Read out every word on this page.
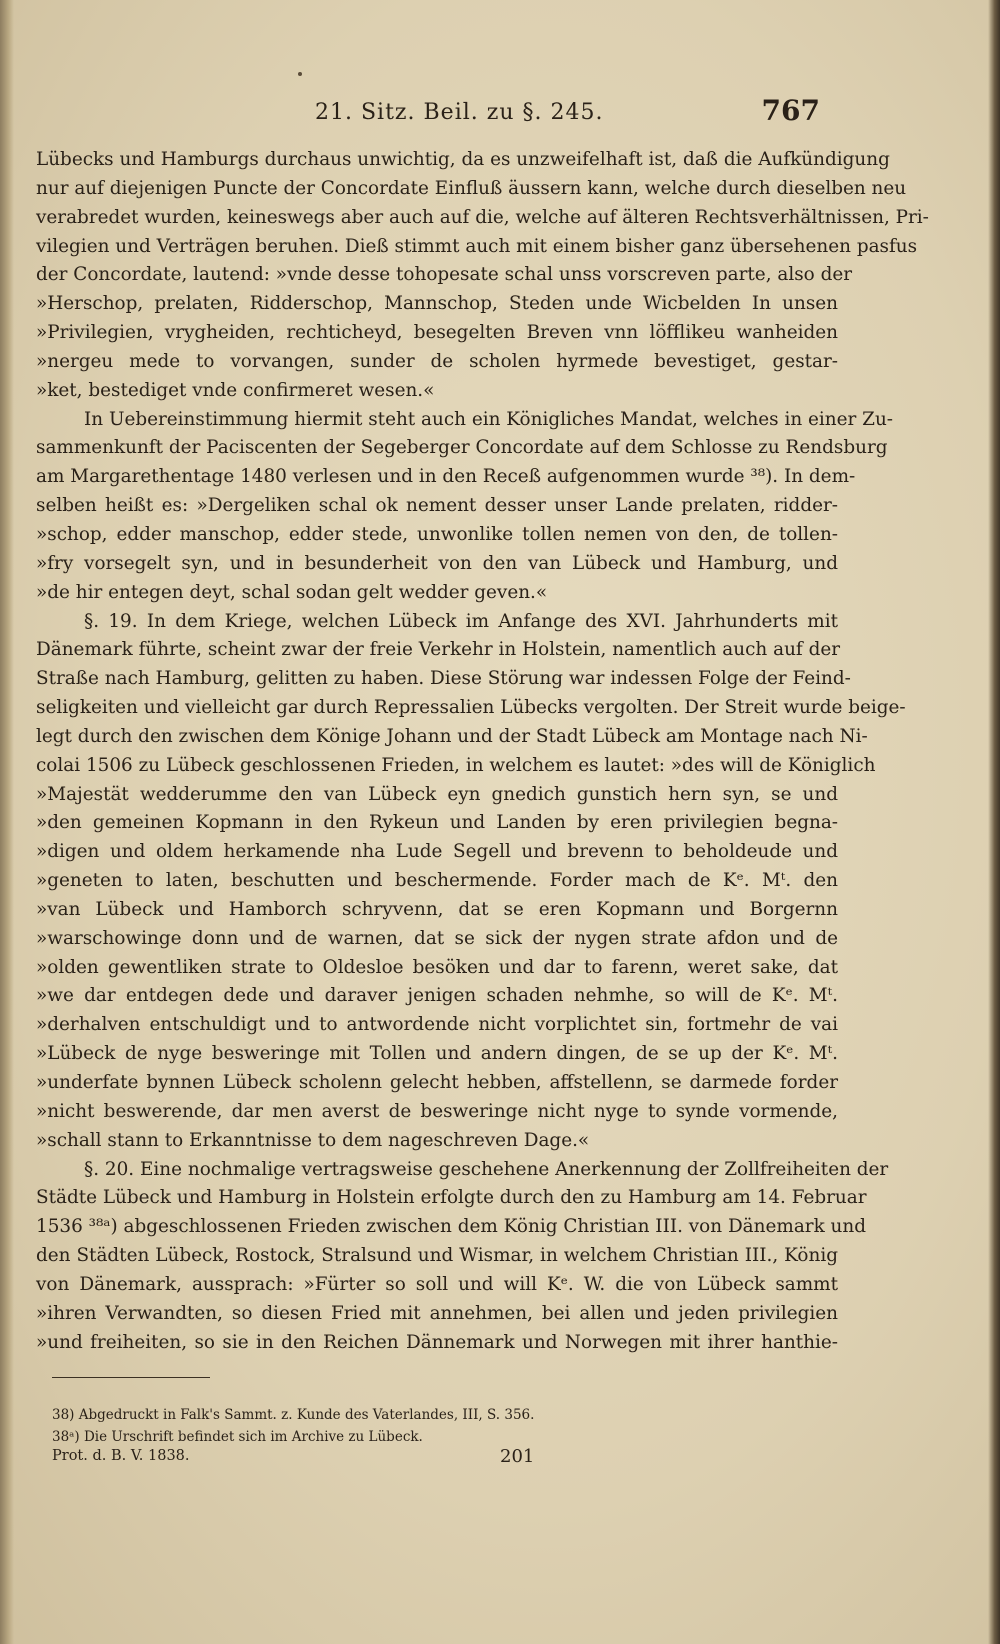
21. Sitz. Beil. zu §. 245.	767
Lübecks und Hamburgs durchaus unwichtig, da es unzweifelhaft ist, daß die Aufkündigung
nur auf diejenigen Puncte der Concordate Einfluß äussern kann, welche durch dieselben neu
verabredet wurden, keineswegs aber auch auf die, welche auf älteren Rechtsverhältnissen, Pri-
vilegien und Verträgen beruhen. Dieß stimmt auch mit einem bisher ganz übersehenen pasfus
der Concordate, lautend: »vnde desse tohopesate schal unss vorscreven parte, also der
»Herschop, prelaten, Ridderschop, Mannschop, Steden unde Wicbelden In unsen
»Privilegien, vrygheiden, rechticheyd, besegelten Breven vnn löfflikeu wanheiden
»nergeu mede to vorvangen, sunder de scholen hyrmede bevestiget, gestar-
»ket, bestediget vnde confirmeret wesen.«
In Uebereinstimmung hiermit steht auch ein Königliches Mandat, welches in einer Zu-
sammenkunft der Paciscenten der Segeberger Concordate auf dem Schlosse zu Rendsburg
am Margarethentage 1480 verlesen und in den Receß aufgenommen wurde ³⁸). In dem-
selben heißt es: »Dergeliken schal ok nement desser unser Lande prelaten, ridder-
»schop, edder manschop, edder stede, unwonlike tollen nemen von den, de tollen-
»fry vorsegelt syn, und in besunderheit von den van Lübeck und Hamburg, und
»de hir entegen deyt, schal sodan gelt wedder geven.«
§. 19. In dem Kriege, welchen Lübeck im Anfange des XVI. Jahrhunderts mit
Dänemark führte, scheint zwar der freie Verkehr in Holstein, namentlich auch auf der
Straße nach Hamburg, gelitten zu haben. Diese Störung war indessen Folge der Feind-
seligkeiten und vielleicht gar durch Repressalien Lübecks vergolten. Der Streit wurde beige-
legt durch den zwischen dem Könige Johann und der Stadt Lübeck am Montage nach Ni-
colai 1506 zu Lübeck geschlossenen Frieden, in welchem es lautet: »des will de Königlich
»Majestät wedderumme den van Lübeck eyn gnedich gunstich hern syn, se und
»den gemeinen Kopmann in den Rykeun und Landen by eren privilegien begna-
»digen und oldem herkamende nha Lude Segell und brevenn to beholdeude und
»geneten to laten, beschutten und beschermende. Forder mach de Kᵉ. Mᵗ. den
»van Lübeck und Hamborch schryvenn, dat se eren Kopmann und Borgernn
»warschowinge donn und de warnen, dat se sick der nygen strate afdon und de
»olden gewentliken strate to Oldesloe besöken und dar to farenn, weret sake, dat
»we dar entdegen dede und daraver jenigen schaden nehmhe, so will de Kᵉ. Mᵗ.
»derhalven entschuldigt und to antwordende nicht vorplichtet sin, fortmehr de vai
»Lübeck de nyge besweringe mit Tollen und andern dingen, de se up der Kᵉ. Mᵗ.
»underfate bynnen Lübeck scholenn gelecht hebben, affstellenn, se darmede forder
»nicht beswerende, dar men averst de besweringe nicht nyge to synde vormende,
»schall stann to Erkanntnisse to dem nageschreven Dage.«
§. 20. Eine nochmalige vertragsweise geschehene Anerkennung der Zollfreiheiten der
Städte Lübeck und Hamburg in Holstein erfolgte durch den zu Hamburg am 14. Februar
1536 ³⁸ᵃ) abgeschlossenen Frieden zwischen dem König Christian III. von Dänemark und
den Städten Lübeck, Rostock, Stralsund und Wismar, in welchem Christian III., König
von Dänemark, aussprach: »Fürter so soll und will Kᵉ. W. die von Lübeck sammt
»ihren Verwandten, so diesen Fried mit annehmen, bei allen und jeden privilegien
»und freiheiten, so sie in den Reichen Dännemark und Norwegen mit ihrer hanthie-
38) Abgedruckt in Falk's Sammt. z. Kunde des Vaterlandes, III, S. 356.
38ᵃ) Die Urschrift befindet sich im Archive zu Lübeck.
Prot. d. B. V. 1838.	201
